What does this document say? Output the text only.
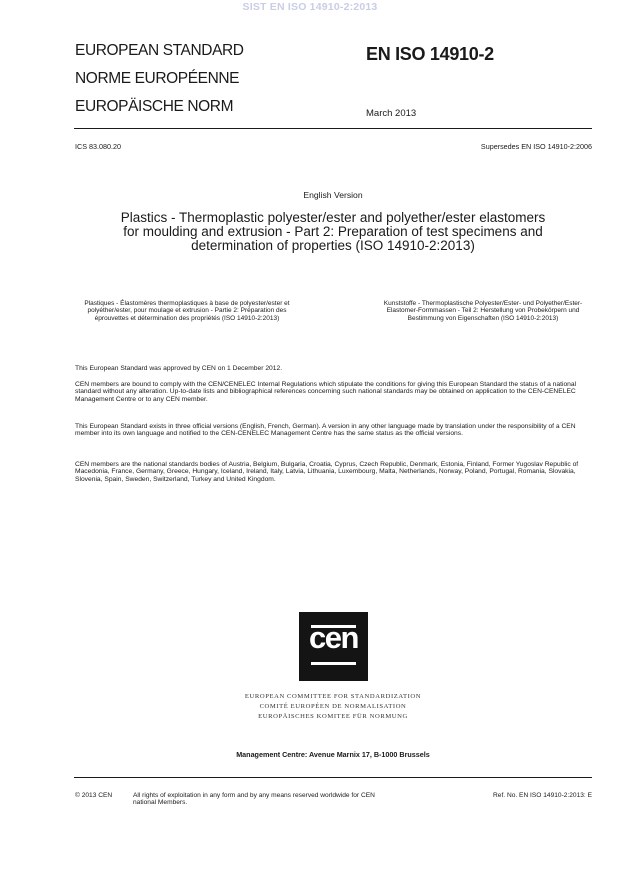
SIST EN ISO 14910-2:2013
EUROPEAN STANDARD
NORME EUROPÉENNE
EUROPÄISCHE NORM
EN ISO 14910-2
March 2013
ICS 83.080.20	Supersedes EN ISO 14910-2:2006
English Version
Plastics - Thermoplastic polyester/ester and polyether/ester elastomers for moulding and extrusion - Part 2: Preparation of test specimens and determination of properties (ISO 14910-2:2013)
Plastiques - Élastomères thermoplastiques à base de polyester/ester et polyéther/ester, pour moulage et extrusion - Partie 2: Préparation des éprouvettes et détermination des propriétés (ISO 14910-2:2013)
Kunststoffe - Thermoplastische Polyester/Ester- und Polyether/Ester-Elastomer-Formmassen - Teil 2: Herstellung von Probekörpern und Bestimmung von Eigenschaften (ISO 14910-2:2013)
This European Standard was approved by CEN on 1 December 2012.
CEN members are bound to comply with the CEN/CENELEC Internal Regulations which stipulate the conditions for giving this European Standard the status of a national standard without any alteration. Up-to-date lists and bibliographical references concerning such national standards may be obtained on application to the CEN-CENELEC Management Centre or to any CEN member.
This European Standard exists in three official versions (English, French, German). A version in any other language made by translation under the responsibility of a CEN member into its own language and notified to the CEN-CENELEC Management Centre has the same status as the official versions.
CEN members are the national standards bodies of Austria, Belgium, Bulgaria, Croatia, Cyprus, Czech Republic, Denmark, Estonia, Finland, Former Yugoslav Republic of Macedonia, France, Germany, Greece, Hungary, Iceland, Ireland, Italy, Latvia, Lithuania, Luxembourg, Malta, Netherlands, Norway, Poland, Portugal, Romania, Slovakia, Slovenia, Spain, Sweden, Switzerland, Turkey and United Kingdom.
cen
EUROPEAN COMMITTEE FOR STANDARDIZATION
COMITÉ EUROPÉEN DE NORMALISATION
EUROPÄISCHES KOMITEE FÜR NORMUNG
Management Centre: Avenue Marnix 17, B-1000 Brussels
© 2013 CEN	All rights of exploitation in any form and by any means reserved worldwide for CEN national Members.
Ref. No. EN ISO 14910-2:2013: E
